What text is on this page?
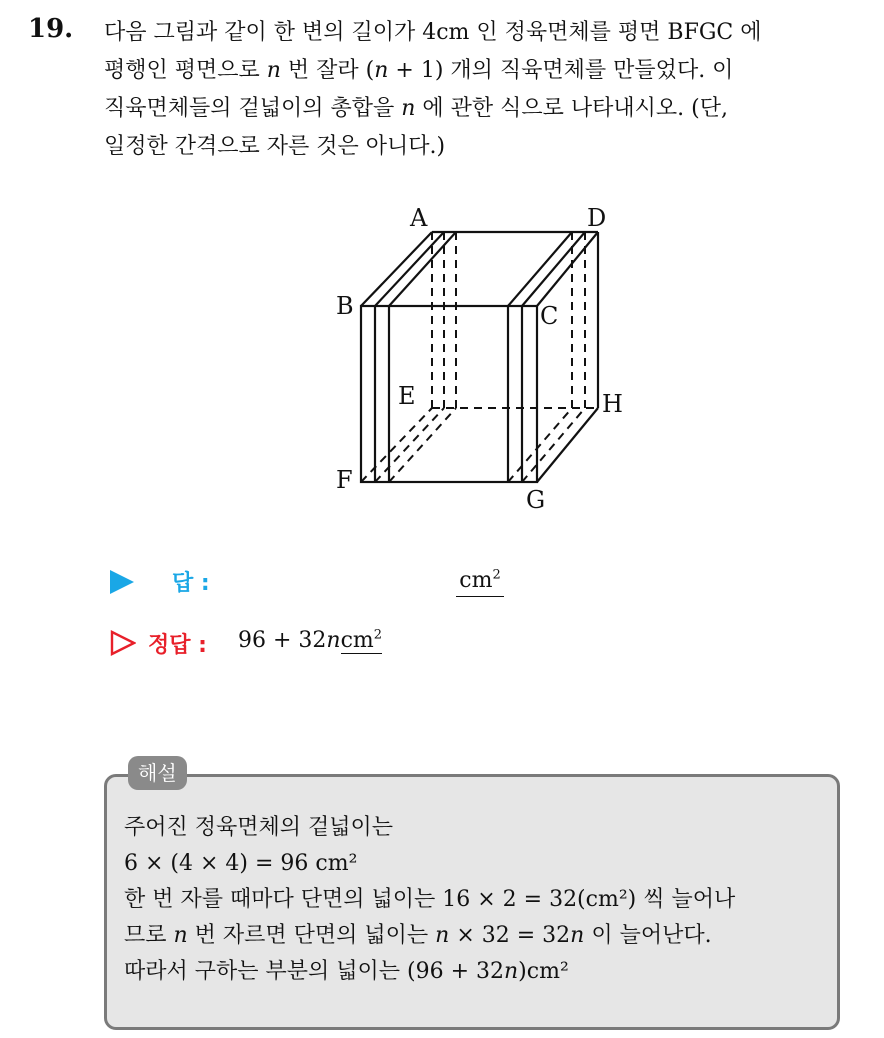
19. 다음 그림과 같이 한 변의 길이가 4cm 인 정육면체를 평면 BFGC 에
평행인 평면으로 n 번 잘라 (n + 1) 개의 직육면체를 만들었다. 이
직육면체들의 겉넓이의 총합을 n 에 관한 식으로 나타내시오. (단,
일정한 간격으로 자른 것은 아니다.)
A	D
B	C
E	H
F
G
답 :	$cm^2$
정답 : 96 + 32ncm$^2$
해설
주어진 정육면체의 겉넓이는
6 × (4 × 4) = 96 cm²
한 번 자를 때마다 단면의 넓이는 16 × 2 = 32(cm²) 씩 늘어나
므로 n 번 자르면 단면의 넓이는 n × 32 = 32n 이 늘어난다.
따라서 구하는 부분의 넓이는 (96 + 32n)cm²
